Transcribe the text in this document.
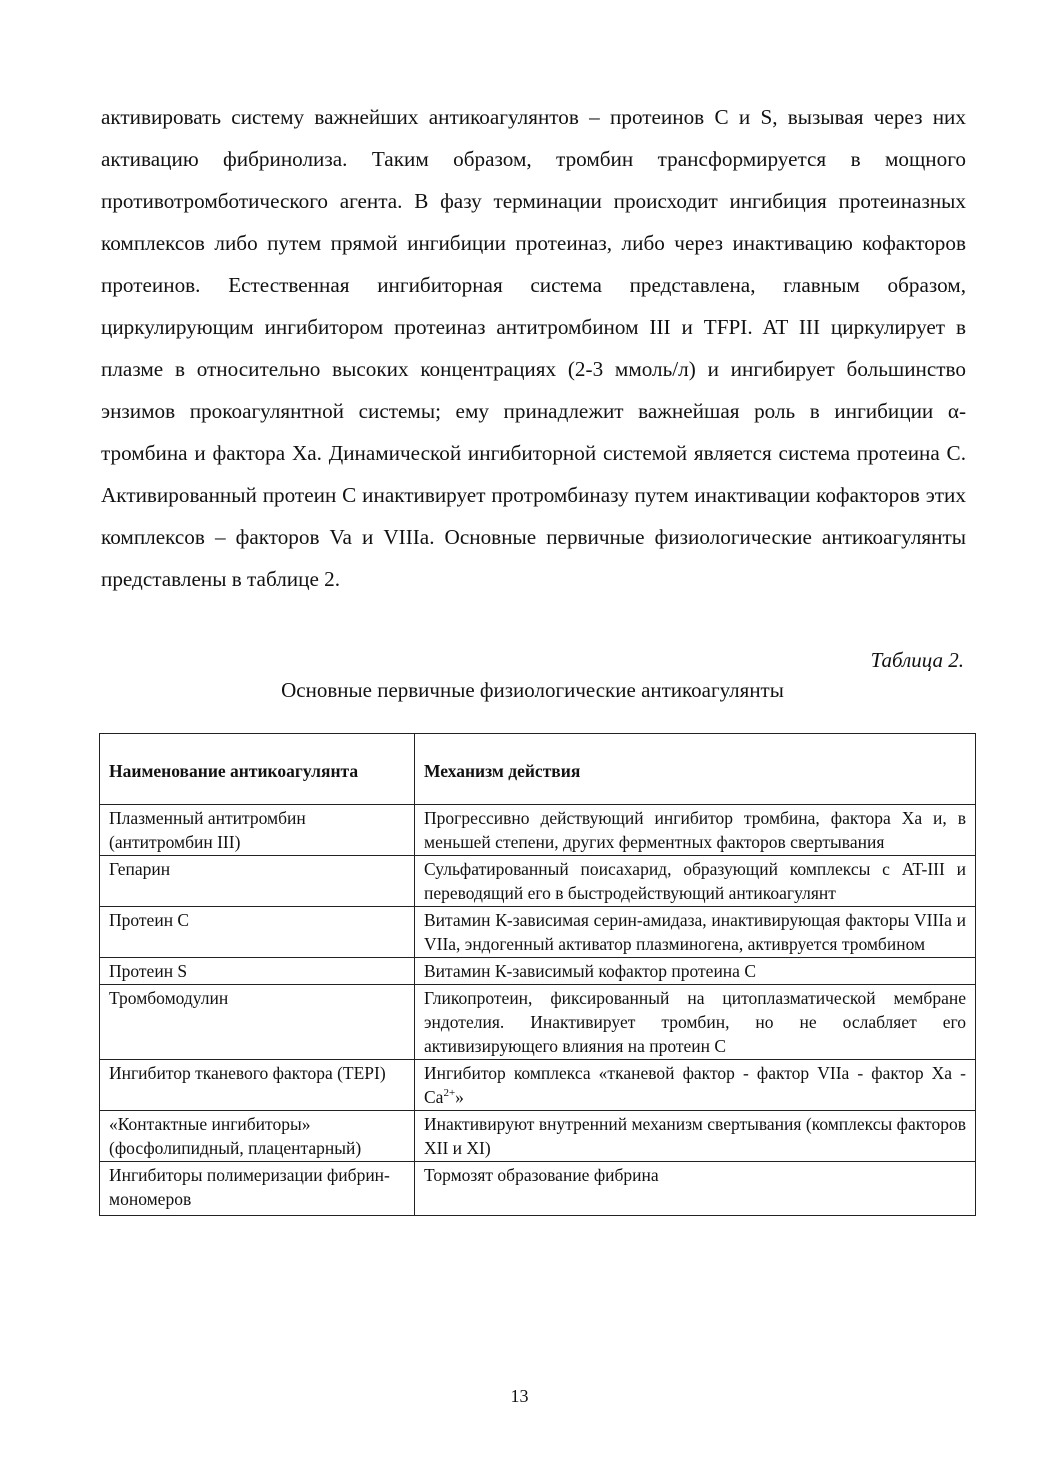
активировать систему важнейших антикоагулянтов – протеинов С и S, вызывая через них активацию фибринолиза. Таким образом, тромбин трансформируется в мощного противотромботического агента. В фазу терминации происходит ингибиция протеиназных комплексов либо путем прямой ингибиции протеиназ, либо через инактивацию кофакторов протеинов. Естественная ингибиторная система представлена, главным образом, циркулирующим ингибитором протеиназ антитромбином III и TFPI. AT III циркулирует в плазме в относительно высоких концентрациях (2-3 ммоль/л) и ингибирует большинство энзимов прокоагулянтной системы; ему принадлежит важнейшая роль в ингибиции α-тромбина и фактора Ха. Динамической ингибиторной системой является система протеина С. Активированный протеин С инактивирует протромбиназу путем инактивации кофакторов этих комплексов – факторов Va и VIIIa. Основные первичные физиологические антикоагулянты представлены в таблице 2.

Таблица 2.

Основные первичные физиологические антикоагулянты

Наименование антикоагулянта	Механизм действия
Плазменный антитромбин (антитромбин III)	Прогрессивно действующий ингибитор тромбина, фактора Ха и, в меньшей степени, других ферментных факторов свертывания
Гепарин	Сульфатированный поисахарид, образующий комплексы с AT-III и переводящий его в быстродействующий антикоагулянт
Протеин С	Витамин К-зависимая серин-амидаза, инактивирующая факторы VIIIa и VIIa, эндогенный активатор плазминогена, активруется тромбином
Протеин S	Витамин К-зависимый кофактор протеина С
Тромбомодулин	Гликопротеин, фиксированный на цитоплазматической мембране эндотелия. Инактивирует тромбин, но не ослабляет его активизирующего влияния на протеин С
Ингибитор тканевого фактора (TEPI)	Ингибитор комплекса «тканевой фактор - фактор VIIa - фактор Ха - $Са^{2+}$»
«Контактные ингибиторы» (фосфолипидный, плацентарный)	Инактивируют внутренний механизм свертывания (комплексы факторов XII и XI)
Ингибиторы полимеризации фибрин-мономеров	Тормозят образование фибрина

13
